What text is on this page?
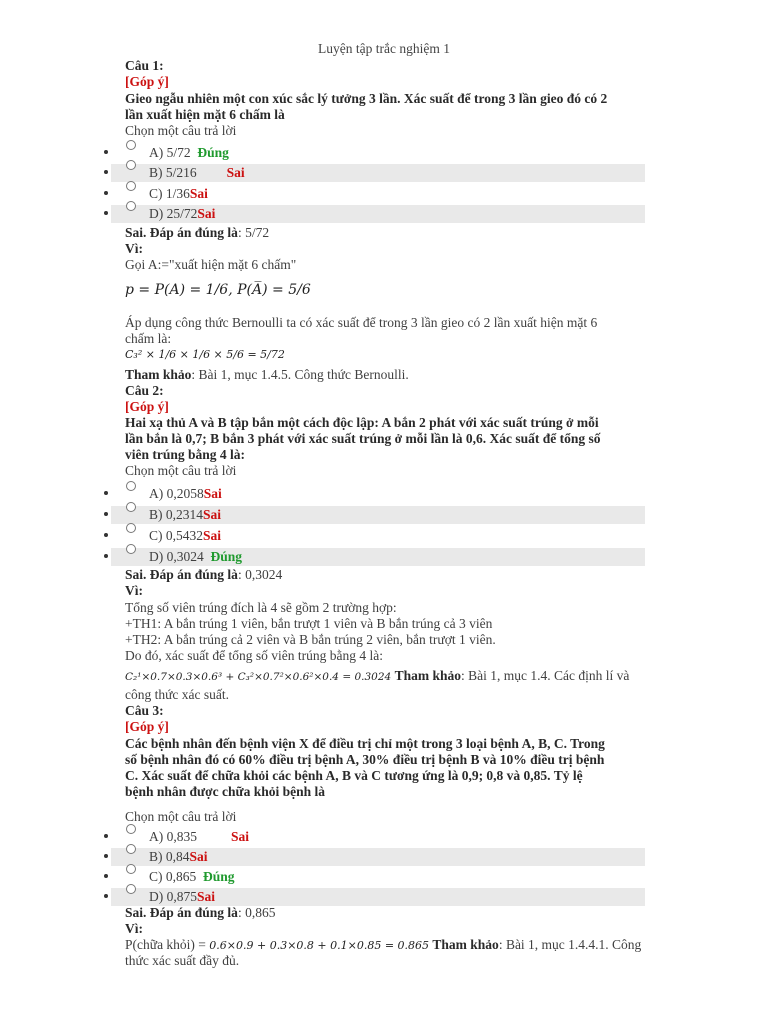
Luyện tập trắc nghiệm 1
Câu 1:
[Góp ý]
Gieo ngẫu nhiên một con xúc sắc lý tưởng 3 lần. Xác suất để trong 3 lần gieo đó có 2
lần xuất hiện mặt 6 chấm là
Chọn một câu trả lời
A) 5/72 Đúng
B) 5/216 Sai
C) 1/36Sai
D) 25/72Sai
Sai. Đáp án đúng là: 5/72
Vì:
Gọi A:="xuất hiện mặt 6 chấm"
p = P(A) = 1/6, P(A̅) = 5/6
Áp dụng công thức Bernoulli ta có xác suất để trong 3 lần gieo có 2 lần xuất hiện mặt 6
chấm là:
C₃² × 1/6 × 1/6 × 5/6 = 5/72
Tham khảo: Bài 1, mục 1.4.5. Công thức Bernoulli.
Câu 2:
[Góp ý]
Hai xạ thủ A và B tập bắn một cách độc lập: A bắn 2 phát với xác suất trúng ở mỗi
lần bắn là 0,7; B bắn 3 phát với xác suất trúng ở mỗi lần là 0,6. Xác suất để tổng số
viên trúng bằng 4 là:
Chọn một câu trả lời
A) 0,2058Sai
B) 0,2314Sai
C) 0,5432Sai
D) 0,3024 Đúng
Sai. Đáp án đúng là: 0,3024
Vì:
Tổng số viên trúng đích là 4 sẽ gồm 2 trường hợp:
+TH1: A bắn trúng 1 viên, bắn trượt 1 viên và B bắn trúng cả 3 viên
+TH2: A bắn trúng cả 2 viên và B bắn trúng 2 viên, bắn trượt 1 viên.
Do đó, xác suất để tổng số viên trúng bằng 4 là:
C₂¹×0.7×0.3×0.6³ + C₃²×0.7²×0.6²×0.4 = 0.3024 Tham khảo: Bài 1, mục 1.4. Các định lí và
công thức xác suất.
Câu 3:
[Góp ý]
Các bệnh nhân đến bệnh viện X để điều trị chỉ một trong 3 loại bệnh A, B, C. Trong
số bệnh nhân đó có 60% điều trị bệnh A, 30% điều trị bệnh B và 10% điều trị bệnh
C. Xác suất để chữa khỏi các bệnh A, B và C tương ứng là 0,9; 0,8 và 0,85. Tỷ lệ
bệnh nhân được chữa khỏi bệnh là
Chọn một câu trả lời
A) 0,835	Sai
B) 0,84Sai
C) 0,865 Đúng
D) 0,875Sai
Sai. Đáp án đúng là: 0,865
Vì:
P(chữa khỏi) = 0.6×0.9 + 0.3×0.8 + 0.1×0.85 = 0.865 Tham khảo: Bài 1, mục 1.4.4.1. Công
thức xác suất đầy đủ.
